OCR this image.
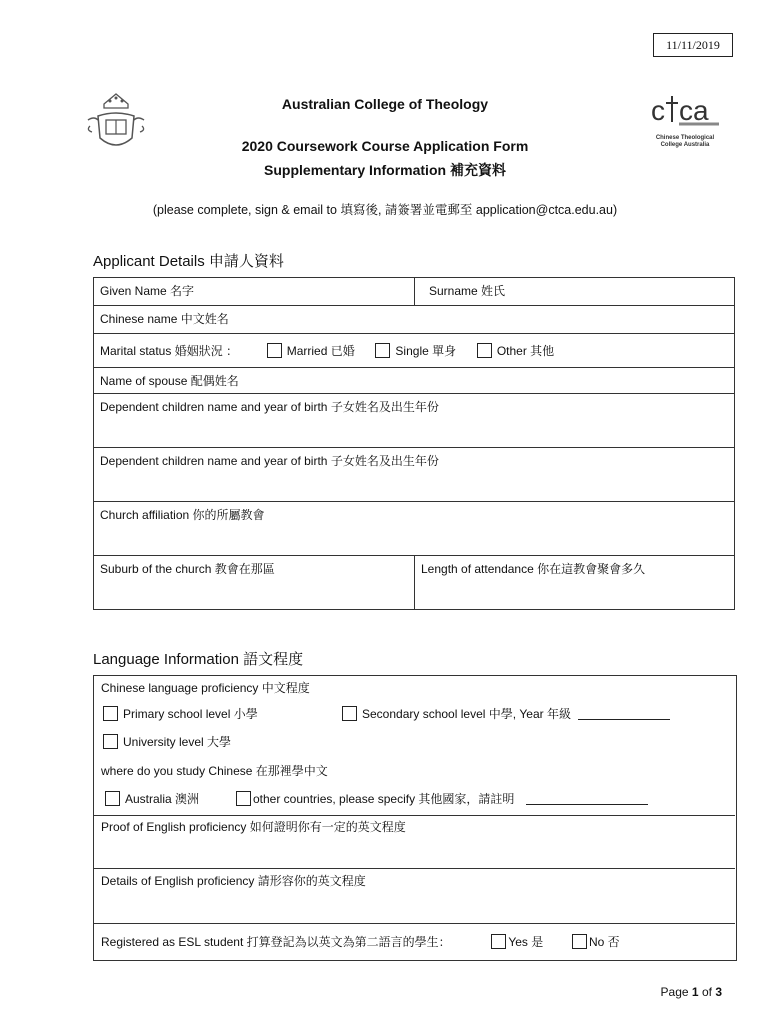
11/11/2019
c ca
Chinese Theological
College Australia
Australian College of Theology
2020 Coursework Course Application Form
Supplementary Information 補充資料
(please complete, sign & email to 填寫後, 請簽署並電郵至 application@ctca.edu.au)
Applicant Details 申請人資料
Given Name 名字	Surname 姓氏
Chinese name 中文姓名	
Marital status 婚姻狀況 ： Married 已婚 Single 單身 Other 其他	
Name of spouse 配偶姓名	
Dependent children name and year of birth 子女姓名及出生年份	
Dependent children name and year of birth 子女姓名及出生年份	
Church affiliation 你的所屬教會	
Suburb of the church 教會在那區	Length of attendance 你在這教會聚會多久
Language Information 語文程度
Chinese language proficiency 中文程度
Primary school level 小學	Secondary school level 中學, Year 年級
University level 大學
where do you study Chinese 在那裡學中文
Australia 澳洲	other countries, please specify 其他國家，請註明
Proof of English proficiency 如何證明你有一定的英文程度
Details of English proficiency 請形容你的英文程度
Registered as ESL student 打算登記為以英文為第二語言的學生：	Yes 是	No 否
Page 1 of 3
